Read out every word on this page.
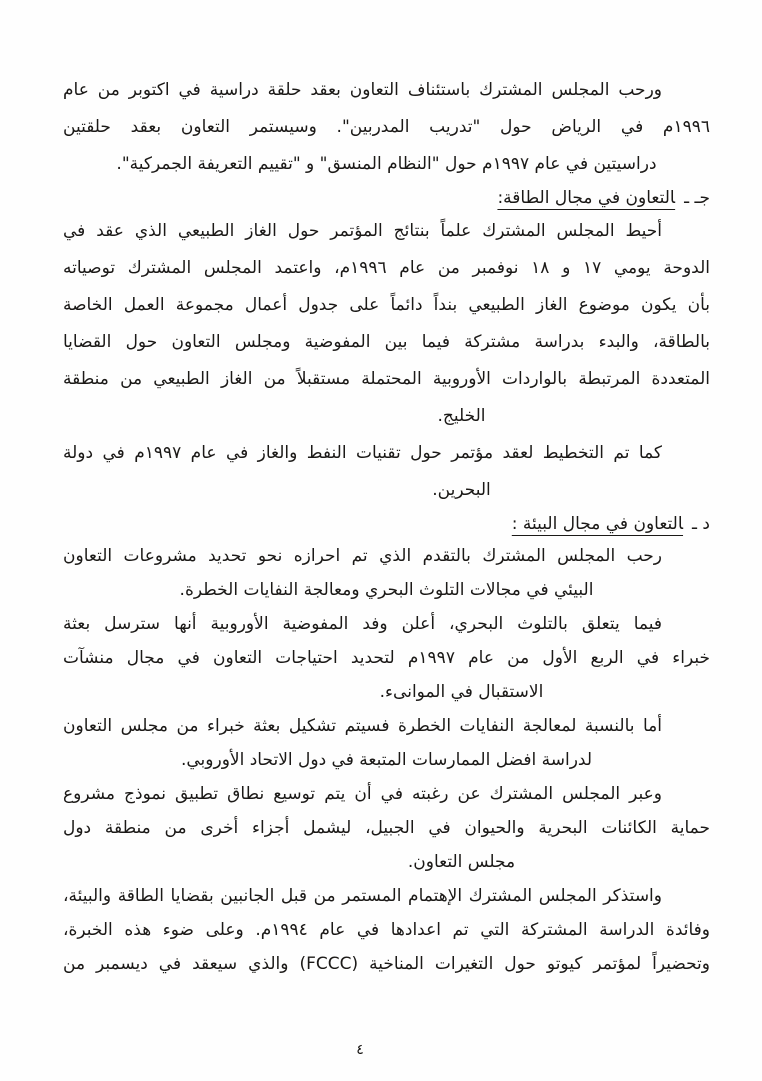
ورحب المجلس المشترك باستئناف التعاون بعقد حلقة دراسية في اكتوبر من عام
١٩٩٦م في الرياض حول "تدريب المدربين". وسيستمر التعاون بعقد حلقتين
دراسيتين في عام ١٩٩٧م حول "النظام المنسق" و "تقييم التعريفة الجمركية".
جـ ـالتعاون في مجال الطاقة:
أحيط المجلس المشترك علماً بنتائج المؤتمر حول الغاز الطبيعي الذي عقد في
الدوحة يومي ١٧ و ١٨ نوفمبر من عام ١٩٩٦م، واعتمد المجلس المشترك توصياته
بأن يكون موضوع الغاز الطبيعي بنداً دائماً على جدول أعمال مجموعة العمل الخاصة
بالطاقة، والبدء بدراسة مشتركة فيما بين المفوضية ومجلس التعاون حول القضايا
المتعددة المرتبطة بالواردات الأوروبية المحتملة مستقبلاً من الغاز الطبيعي من منطقة
الخليج.
كما تم التخطيط لعقد مؤتمر حول تقنيات النفط والغاز في عام ١٩٩٧م في دولة
البحرين.
د ـالتعاون في مجال البيئة :
رحب المجلس المشترك بالتقدم الذي تم احرازه نحو تحديد مشروعات التعاون
البيئي في مجالات التلوث البحري ومعالجة النفايات الخطرة.
فيما يتعلق بالتلوث البحري، أعلن وفد المفوضية الأوروبية أنها سترسل بعثة
خبراء في الربع الأول من عام ١٩٩٧م لتحديد احتياجات التعاون في مجال منشآت
الاستقبال في الموانىء.
أما بالنسبة لمعالجة النفايات الخطرة فسيتم تشكيل بعثة خبراء من مجلس التعاون
لدراسة افضل الممارسات المتبعة في دول الاتحاد الأوروبي.
وعبر المجلس المشترك عن رغبته في أن يتم توسيع نطاق تطبيق نموذج مشروع
حماية الكائنات البحرية والحيوان في الجبيل، ليشمل أجزاء أخرى من منطقة دول
مجلس التعاون.
واستذكر المجلس المشترك الإهتمام المستمر من قبل الجانبين بقضايا الطاقة والبيئة،
وفائدة الدراسة المشتركة التي تم اعدادها في عام ١٩٩٤م. وعلى ضوء هذه الخبرة،
وتحضيراً لمؤتمر كيوتو حول التغيرات المناخية (FCCC) والذي سيعقد في ديسمبر من
٤
